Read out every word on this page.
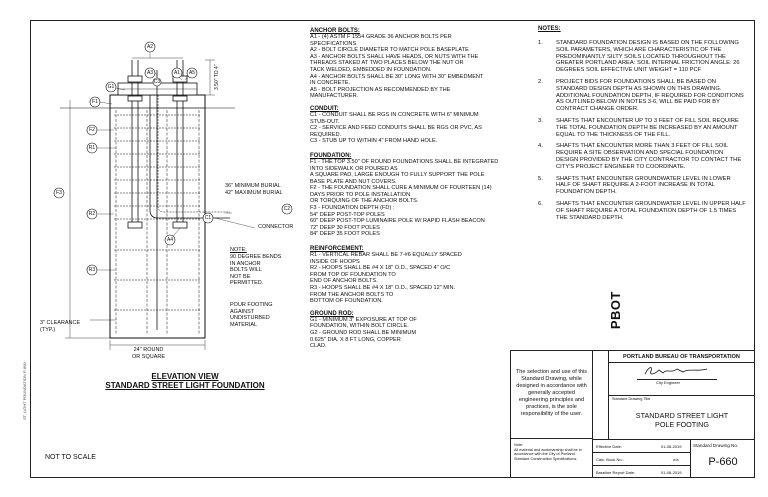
ST. LIGHT FOUNDATION P-660
A2
A3	A1 A5
G1
F1
F2
R1
F3
R2
A4
R3
C3
C2
C1
3.50" TO 4"
36" MINIMUM BURIAL
42" MAXIMUM BURIAL
CONNECTOR
NOTE:
90 DEGREE BENDS
IN ANCHOR
BOLTS WILL
NOT BE
PERMITTED.
POUR FOOTING
AGAINST
UNDISTURBED
MATERIAL
3" CLEARANCE
(TYP.)
24" ROUND
OR SQUARE
ELEVATION VIEW
STANDARD STREET LIGHT FOUNDATION
NOT TO SCALE
ANCHOR BOLTS:
A1 - (4) ASTM F 1554 GRADE 36 ANCHOR BOLTS PER
SPECIFICATIONS
A2 - BOLT CIRCLE DIAMETER TO MATCH POLE BASEPLATE
A3 - ANCHOR BOLTS SHALL HAVE HEADS, OR NUTS WITH THE
THREADS STAKED AT TWO PLACES BELOW THE NUT OR
TACK WELDED, EMBEDDED IN FOUNDATION.
A4 - ANCHOR BOLTS SHALL BE 30" LONG WITH 30" EMBEDMENT
IN CONCRETE.
A5 - BOLT PROJECTION AS RECOMMENDED BY THE
MANUFACTURER.
CONDUIT:
C1 - CONDUIT SHALL BE RGS IN CONCRETE WITH 6" MINIMUM
STUB-OUT.
C2 - SERVICE AND FEED CONDUITS SHALL BE RGS OR PVC, AS
REQUIRED.
C3 - STUB UP TO WITHIN 4" FROM HAND HOLE.
FOUNDATION:
F1 - THE TOP 3.50" OF ROUND FOUNDATIONS SHALL BE INTEGRATED
INTO SIDEWALK OR POURED AS
A SQUARE PAD, LARGE ENOUGH TO FULLY SUPPORT THE POLE
BASE PLATE AND NUT COVERS.
F2 - THE FOUNDATION SHALL CURE A MINIMUM OF FOURTEEN (14)
DAYS PRIOR TO POLE INSTALLATION
OR TORQUING OF THE ANCHOR BOLTS.
F3 - FOUNDATION DEPTH (FD) :
54" DEEP POST-TOP POLES
60" DEEP POST-TOP LUMINAIRE POLE W/ RAPID FLASH BEACON
72" DEEP 30 FOOT POLES
84" DEEP 35 FOOT POLES
REINFORCEMENT:
R1 - VERTICAL REBAR SHALL BE 7-#6 EQUALLY SPACED
INSIDE OF HOOPS
R2 - HOOPS SHALL BE #4 X 18" O.D., SPACED 4" O/C
FROM TOP OF FOUNDATION TO
END OF ANCHOR BOLTS.
R3 - HOOPS SHALL BE #4 X 18" O.D., SPACED 12" MIN.
FROM THE ANCHOR BOLTS TO
BOTTOM OF FOUNDATION.
GROUND ROD:
G1 - MINIMUM 3" EXPOSURE AT TOP OF
FOUNDATION, WITHIN BOLT CIRCLE.
G2 - GROUND ROD SHALL BE MINIMUM
0.625" DIA. X 8 FT LONG, COPPER
CLAD.
NOTES:
1.	STANDARD FOUNDATION DESIGN IS BASED ON THE FOLLOWING SOIL PARAMETERS, WHICH ARE CHARACTERISTIC OF THE PREDOMINANTLY SILTY SOILS LOCATED THROUGHOUT THE GREATER PORTLAND AREA: SOIL INTERNAL FRICTION ANGLE: 26 DEGREES SOIL EFFECTIVE UNIT WEIGHT = 110 PCF
2.	PROJECT BIDS FOR FOUNDATIONS SHALL BE BASED ON STANDARD DESIGN DEPTH AS SHOWN ON THIS DRAWING. ADDITIONAL FOUNDATION DEPTH, IF REQUIRED FOR CONDITIONS AS OUTLINED BELOW IN NOTES 3-6, WILL BE PAID FOR BY CONTRACT CHANGE ORDER.
3.	SHAFTS THAT ENCOUNTER UP TO 3 FEET OF FILL SOIL REQUIRE THE TOTAL FOUNDATION DEPTH BE INCREASED BY AN AMOUNT EQUAL TO THE THICKNESS OF THE FILL.
4.	SHAFTS THAT ENCOUNTER MORE THAN 3 FEET OF FILL SOIL REQUIRE A SITE OBSERVATION AND SPECIAL FOUNDATION DESIGN PROVIDED BY THE CITY CONTRACTOR TO CONTACT THE CITY'S PROJECT ENGINEER TO COORDINATE.
5.	SHAFTS THAT ENCOUNTER GROUNDWATER LEVEL IN LOWER HALF OF SHAFT REQUIRE A 2-FOOT INCREASE IN TOTAL FOUNDATION DEPTH.
6.	SHAFTS THAT ENCOUNTER GROUNDWATER LEVEL IN UPPER HALF OF SHAFT REQUIRE A TOTAL FOUNDATION DEPTH OF 1.5 TIMES THE STANDARD DEPTH.
The selection and use of this Standard Drawing, while designed in accordance with generally accepted engineering principles and practices, is the sole responsibility of the user.
Note:
All material and workmanship shall be in accordance with the City of Portland Standard Construction Specifications.
PBOT
PORTLAND BUREAU OF TRANSPORTATION
City Engineer
Standard Drawing Title
STANDARD STREET LIGHT
POLE FOOTING
Effective Date:	01-08-2019
Calc. Book No.:	n/a
Baseline Report Date:	01-08-2019
Standard Drawing No.
P-660
